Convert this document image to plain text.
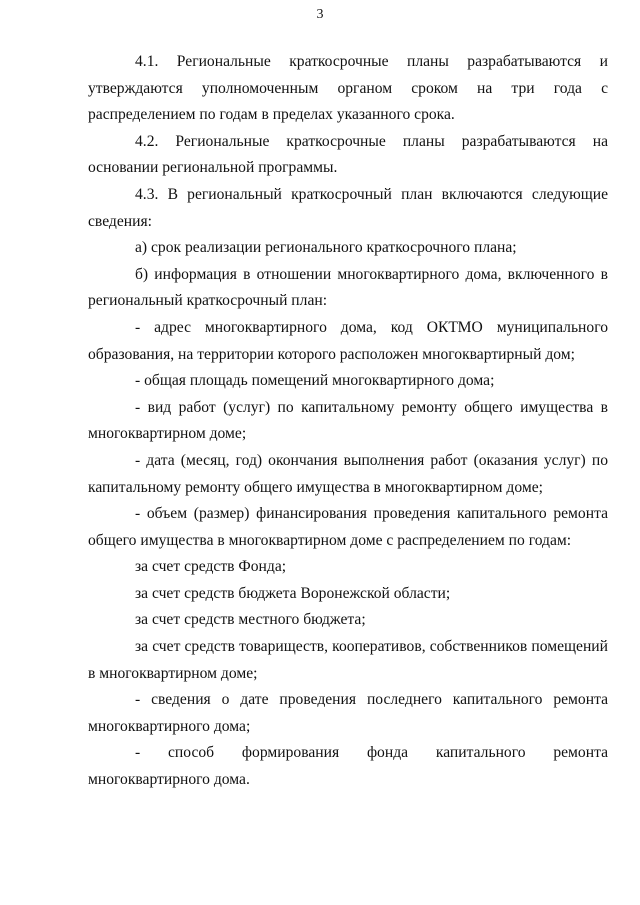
3

4.1. Региональные краткосрочные планы разрабатываются и утверждаются уполномоченным органом сроком на три года с распределением по годам в пределах указанного срока.

4.2. Региональные краткосрочные планы разрабатываются на основании региональной программы.

4.3. В региональный краткосрочный план включаются следующие сведения:

а) срок реализации регионального краткосрочного плана;

б) информация в отношении многоквартирного дома, включенного в региональный краткосрочный план:

- адрес многоквартирного дома, код ОКТМО муниципального образования, на территории которого расположен многоквартирный дом;

- общая площадь помещений многоквартирного дома;

- вид работ (услуг) по капитальному ремонту общего имущества в многоквартирном доме;

- дата (месяц, год) окончания выполнения работ (оказания услуг) по капитальному ремонту общего имущества в многоквартирном доме;

- объем (размер) финансирования проведения капитального ремонта общего имущества в многоквартирном доме с распределением по годам:

за счет средств Фонда;

за счет средств бюджета Воронежской области;

за счет средств местного бюджета;

за счет средств товариществ, кооперативов, собственников помещений в многоквартирном доме;

- сведения о дате проведения последнего капитального ремонта многоквартирного дома;

- способ формирования фонда капитального ремонта многоквартирного дома.
